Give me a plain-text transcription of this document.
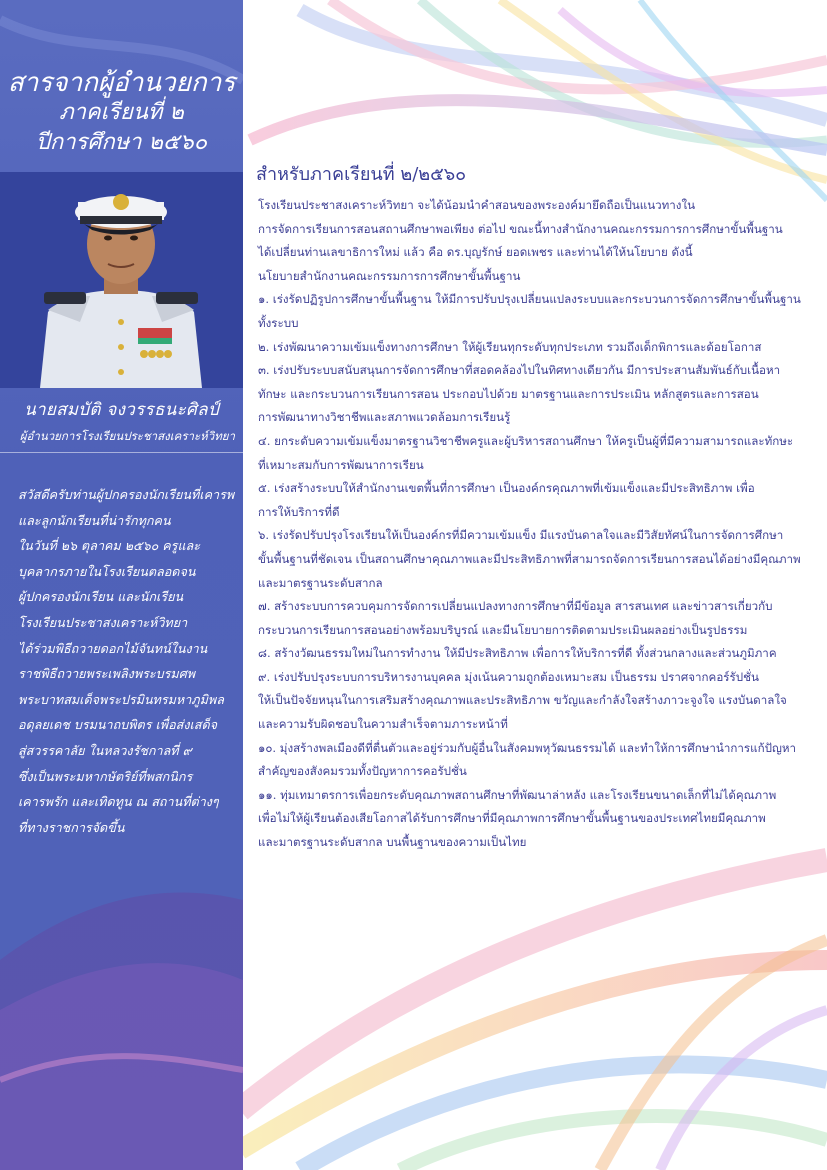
สารจากผู้อำนวยการ
ภาคเรียนที่ ๒
ปีการศึกษา ๒๕๖๐
นายสมบัติ จงวรรธนะศิลป์
ผู้อำนวยการโรงเรียนประชาสงเคราะห์วิทยา
สวัสดีครับท่านผู้ปกครองนักเรียนที่เคารพ
และลูกนักเรียนที่น่ารักทุกคน
ในวันที่ ๒๖ ตุลาคม ๒๕๖๐ ครูและ
บุคลากรภายในโรงเรียนตลอดจน
ผู้ปกครองนักเรียน และนักเรียน
โรงเรียนประชาสงเคราะห์วิทยา
ได้ร่วมพิธีถวายดอกไม้จันทน์ในงาน
ราชพิธีถวายพระเพลิงพระบรมศพ
พระบาทสมเด็จพระปรมินทรมหาภูมิพล
อดุลยเดช บรมนาถบพิตร เพื่อส่งเสด็จ
สู่สวรรคาลัย ในหลวงรัชกาลที่ ๙
ซึ่งเป็นพระมหากษัตริย์ที่พสกนิกร
เคารพรัก และเทิดทูน ณ สถานที่ต่างๆ
ที่ทางราชการจัดขึ้น
สำหรับภาคเรียนที่ ๒/๒๕๖๐
โรงเรียนประชาสงเคราะห์วิทยา จะได้น้อมนำคำสอนของพระองค์มายึดถือเป็นแนวทางใน
การจัดการเรียนการสอนสถานศึกษาพอเพียง ต่อไป ขณะนี้ทางสำนักงานคณะกรรมการการศึกษาขั้นพื้นฐาน
ได้เปลี่ยนท่านเลขาธิการใหม่ แล้ว คือ ดร.บุญรักษ์ ยอดเพชร และท่านได้ให้นโยบาย ดังนี้
นโยบายสำนักงานคณะกรรมการการศึกษาขั้นพื้นฐาน
๑. เร่งรัดปฏิรูปการศึกษาขั้นพื้นฐาน ให้มีการปรับปรุงเปลี่ยนแปลงระบบและกระบวนการจัดการศึกษาขั้นพื้นฐาน
ทั้งระบบ
๒. เร่งพัฒนาความเข้มแข็งทางการศึกษา ให้ผู้เรียนทุกระดับทุกประเภท รวมถึงเด็กพิการและด้อยโอกาส
๓. เร่งปรับระบบสนับสนุนการจัดการศึกษาที่สอดคล้องไปในทิศทางเดียวกัน มีการประสานสัมพันธ์กับเนื้อหา
ทักษะ และกระบวนการเรียนการสอน ประกอบไปด้วย มาตรฐานและการประเมิน หลักสูตรและการสอน
การพัฒนาทางวิชาชีพและสภาพแวดล้อมการเรียนรู้
๔. ยกระดับความเข้มแข็งมาตรฐานวิชาชีพครูและผู้บริหารสถานศึกษา ให้ครูเป็นผู้ที่มีความสามารถและทักษะ
ที่เหมาะสมกับการพัฒนาการเรียน
๕. เร่งสร้างระบบให้สำนักงานเขตพื้นที่การศึกษา เป็นองค์กรคุณภาพที่เข้มแข็งและมีประสิทธิภาพ เพื่อ
การให้บริการที่ดี
๖. เร่งรัดปรับปรุงโรงเรียนให้เป็นองค์กรที่มีความเข้มแข็ง มีแรงบันดาลใจและมีวิสัยทัศน์ในการจัดการศึกษา
ขั้นพื้นฐานที่ชัดเจน เป็นสถานศึกษาคุณภาพและมีประสิทธิภาพที่สามารถจัดการเรียนการสอนได้อย่างมีคุณภาพ
และมาตรฐานระดับสากล
๗. สร้างระบบการควบคุมการจัดการเปลี่ยนแปลงทางการศึกษาที่มีข้อมูล สารสนเทศ และข่าวสารเกี่ยวกับ
กระบวนการเรียนการสอนอย่างพร้อมบริบูรณ์ และมีนโยบายการติดตามประเมินผลอย่างเป็นรูปธรรม
๘. สร้างวัฒนธรรมใหม่ในการทำงาน ให้มีประสิทธิภาพ เพื่อการให้บริการที่ดี ทั้งส่วนกลางและส่วนภูมิภาค
๙. เร่งปรับปรุงระบบการบริหารงานบุคคล มุ่งเน้นความถูกต้องเหมาะสม เป็นธรรม ปราศจากคอร์รัปชั่น
ให้เป็นปัจจัยหนุนในการเสริมสร้างคุณภาพและประสิทธิภาพ ขวัญและกำลังใจสร้างภาวะจูงใจ แรงบันดาลใจ
และความรับผิดชอบในความสำเร็จตามภาระหน้าที่
๑๐. มุ่งสร้างพลเมืองดีที่ตื่นตัวและอยู่ร่วมกับผู้อื่นในสังคมพหุวัฒนธรรมได้ และทำให้การศึกษานำการแก้ปัญหา
สำคัญของสังคมรวมทั้งปัญหาการคอรัปชั่น
๑๑. ทุ่มเทมาตรการเพื่อยกระดับคุณภาพสถานศึกษาที่พัฒนาล่าหลัง และโรงเรียนขนาดเล็กที่ไม่ได้คุณภาพ
เพื่อไม่ให้ผู้เรียนต้องเสียโอกาสได้รับการศึกษาที่มีคุณภาพการศึกษาขั้นพื้นฐานของประเทศไทยมีคุณภาพ
และมาตรฐานระดับสากล บนพื้นฐานของความเป็นไทย
